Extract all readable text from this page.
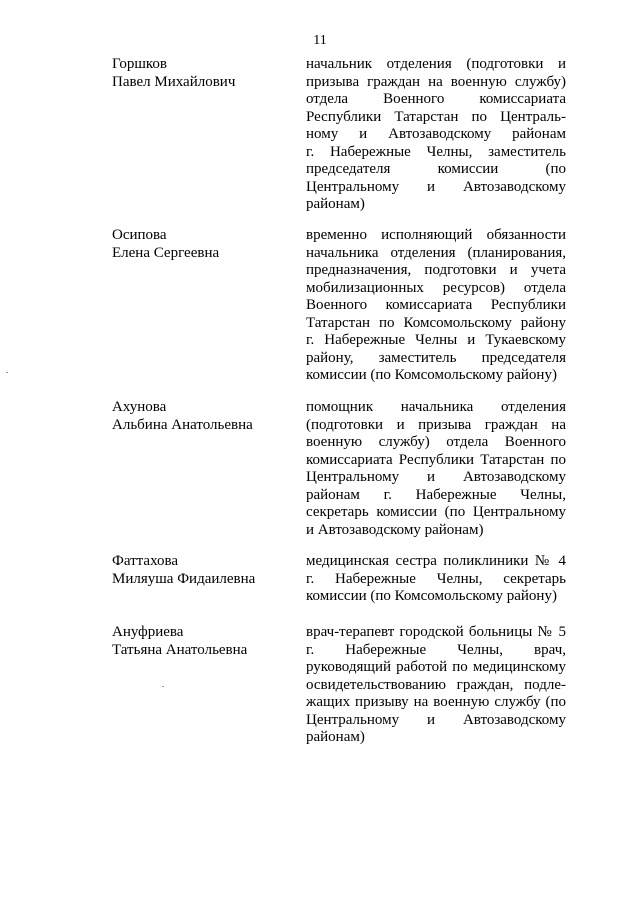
11
Горшков
Павел Михайлович
начальник отделения (подготовки и
призыва граждан на военную службу)
отдела Военного комиссариата
Республики Татарстан по Централь-
ному и Автозаводскому районам
г. Набережные Челны, заместитель
председателя комиссии (по
Центральному и Автозаводскому
районам)
Осипова
Елена Сергеевна
временно исполняющий обязанности
начальника отделения (планирования,
предназначения, подготовки и учета
мобилизационных ресурсов) отдела
Военного комиссариата Республики
Татарстан по Комсомольскому району
г. Набережные Челны и Тукаевскому
району, заместитель председателя
комиссии (по Комсомольскому району)
Ахунова
Альбина Анатольевна
помощник начальника отделения
(подготовки и призыва граждан на
военную службу) отдела Военного
комиссариата Республики Татарстан по
Центральному и Автозаводскому
районам г. Набережные Челны,
секретарь комиссии (по Центральному
и Автозаводскому районам)
Фаттахова
Миляуша Фидаилевна
медицинская сестра поликлиники № 4
г. Набережные Челны, секретарь
комиссии (по Комсомольскому району)
Ануфриева
Татьяна Анатольевна
врач-терапевт городской больницы № 5
г. Набережные Челны, врач,
руководящий работой по медицинскому
освидетельствованию граждан, подле-
жащих призыву на военную службу (по
Центральному и Автозаводскому
районам)
